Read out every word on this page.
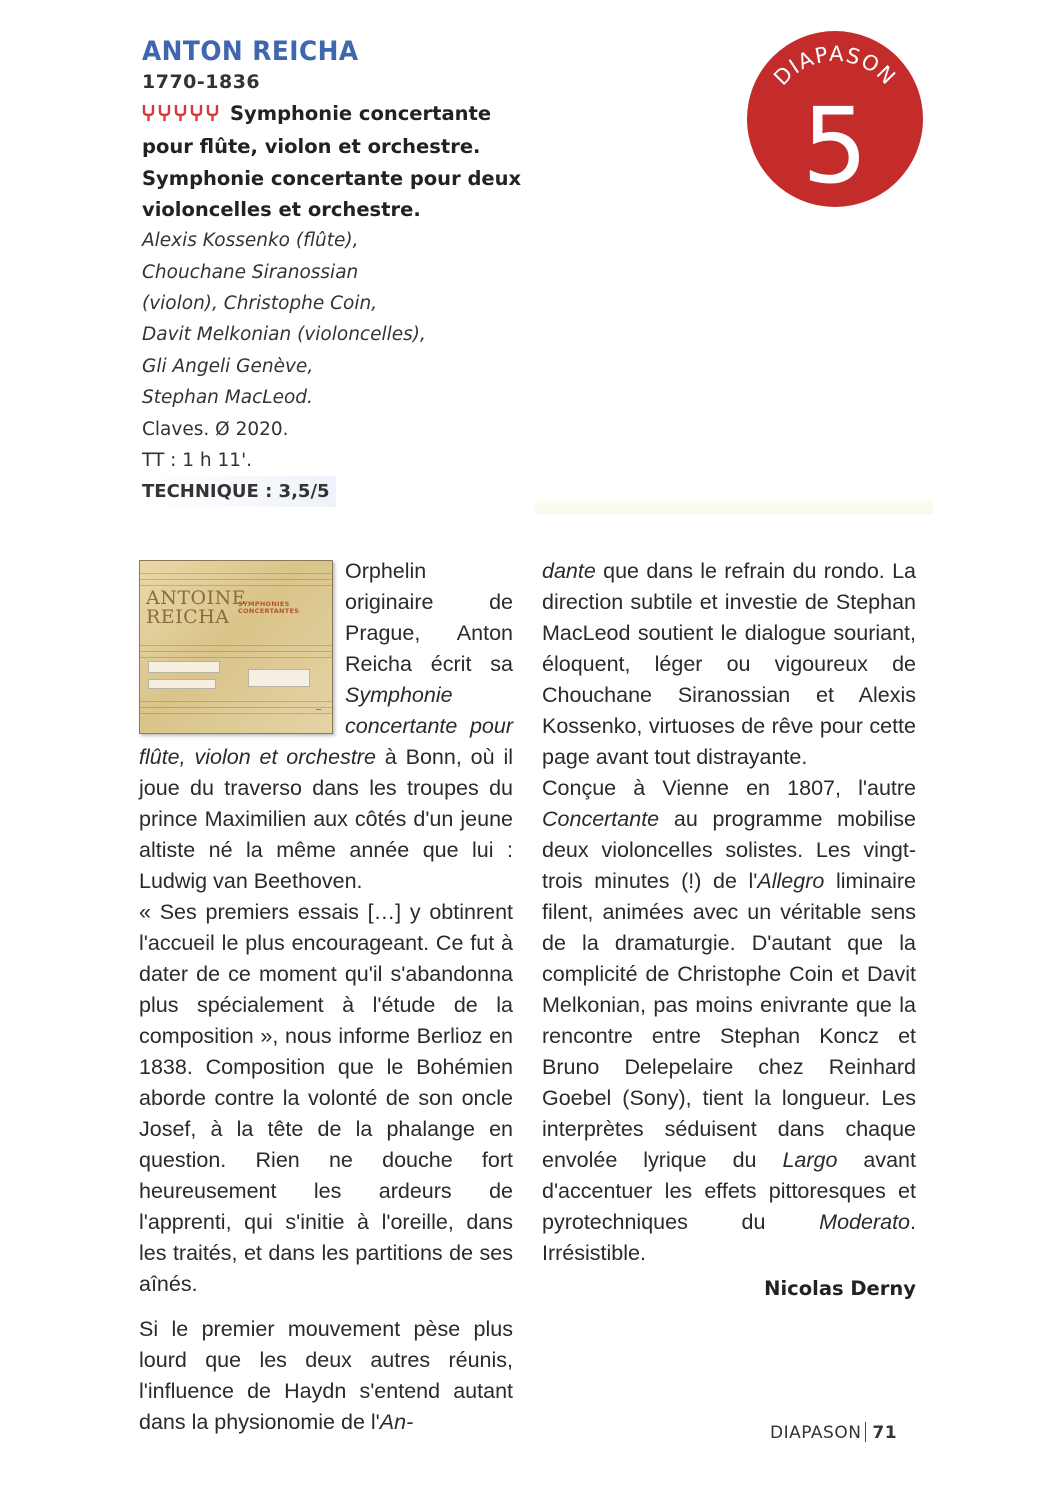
ANTON REICHA
1770-1836
Symphonie concertante pour flûte, violon et orchestre. Symphonie concertante pour deux violoncelles et orchestre.
Alexis Kossenko (flûte),
Chouchane Siranossian
(violon), Christophe Coin,
Davit Melkonian (violoncelles),
Gli Angeli Genève,
Stephan MacLeod.
Claves. Ø 2020.
TT : 1 h 11'.
TECHNIQUE : 3,5/5
DIAPASON
5
ANTOINE
REICHA
SYMPHONIES
CONCERTANTES
~

Orphelin originaire de Prague, Anton Reicha écrit sa Symphonie concertante pour flûte, violon et orchestre à Bonn, où il joue du traverso dans les troupes du prince Maximilien aux côtés d'un jeune altiste né la même année que lui : Ludwig van Beethoven.

« Ses premiers essais […] y obtinrent l'accueil le plus encourageant. Ce fut à dater de ce moment qu'il s'abandonna plus spécialement à l'étude de la composition », nous informe Berlioz en 1838. Composition que le Bohémien aborde contre la volonté de son oncle Josef, à la tête de la phalange en question. Rien ne douche fort heureusement les ardeurs de l'apprenti, qui s'initie à l'oreille, dans les traités, et dans les partitions de ses aînés.

Si le premier mouvement pèse plus lourd que les deux autres réunis, l'influence de Haydn s'entend autant dans la physionomie de l'An-

dante que dans le refrain du rondo. La direction subtile et investie de Stephan MacLeod soutient le dialogue souriant, éloquent, léger ou vigoureux de Chouchane Siranossian et Alexis Kossenko, virtuoses de rêve pour cette page avant tout distrayante.

Conçue à Vienne en 1807, l'autre Concertante au programme mobilise deux violoncelles solistes. Les vingt-trois minutes (!) de l'Allegro liminaire filent, animées avec un véritable sens de la dramaturgie. D'autant que la complicité de Christophe Coin et Davit Melkonian, pas moins enivrante que la rencontre entre Stephan Koncz et Bruno Delepelaire chez Reinhard Goebel (Sony), tient la longueur. Les interprètes séduisent dans chaque envolée lyrique du Largo avant d'accentuer les effets pittoresques et pyrotechniques du Moderato. Irrésistible.

Nicolas Derny

DIAPASON 71
